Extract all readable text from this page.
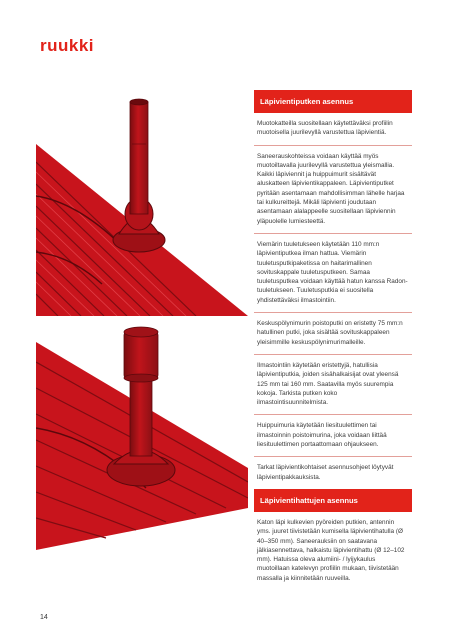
ruukki
Läpivientiputken asennus
Muotokatteilla suositellaan käytettäväksi profiilin muotoisella juurilevyllä varustettua läpivientiä.
Saneerauskohteissa voidaan käyttää myös muotoiltavalla juurilevyllä varustettua yleismallia. Kaikki läpiviennit ja huippuimurit sisältävät aluskatteen läpivientikappaleen. Läpivientiputket pyritään asentamaan mahdollisimman lähelle harjaa tai kulkureittejä. Mikäli läpivienti joudutaan asentamaan alalappeelle suositellaan läpiviennin yläpuolelle lumiesteettä.
Viemärin tuuletukseen käytetään 110 mm:n läpivientiputkea ilman hattua. Viemärin tuuletusputkipaketissa on haitarimallinen sovituskappale tuuletusputkeen. Samaa tuuletusputkea voidaan käyttää hatun kanssa Radon-tuuletukseen. Tuuletusputkia ei suositella yhdistettäväksi ilmastointiin.
Keskuspölynimurin poistoputki on eristetty 75 mm:n hatullinen putki, joka sisältää sovituskappaleen yleisimmille keskuspölynimurimalleille.
Ilmastointiin käytetään eristettyjä, hatullisia läpivientiputkia, joiden sisähalkaisijat ovat yleensä 125 mm tai 160 mm. Saatavilla myös suurempia kokoja. Tarkista putken koko ilmastointisuunnitelmista.
Huippuimuria käytetään liesituulettimen tai ilmastoinnin poistoimurina, joka voidaan liittää liesituulettimen portaattomaan ohjaukseen.
Tarkat läpivientikohtaiset asennusohjeet löytyvät läpivientipakkauksista.
Läpivientihattujen asennus
Katon läpi kulkevien pyöreiden putkien, antennin yms. juuret tiivistetään kumisella läpivientihatulla (Ø 40–350 mm). Saneerauksiin on saatavana jälkiasennettava, halkaistu läpivientihattu (Ø 12–102 mm). Hatuissa oleva alumiini- / lyijykaulus muotoillaan katelevyn profiilin mukaan, tiivistetään massalla ja kiinnitetään ruuveilla.
14
